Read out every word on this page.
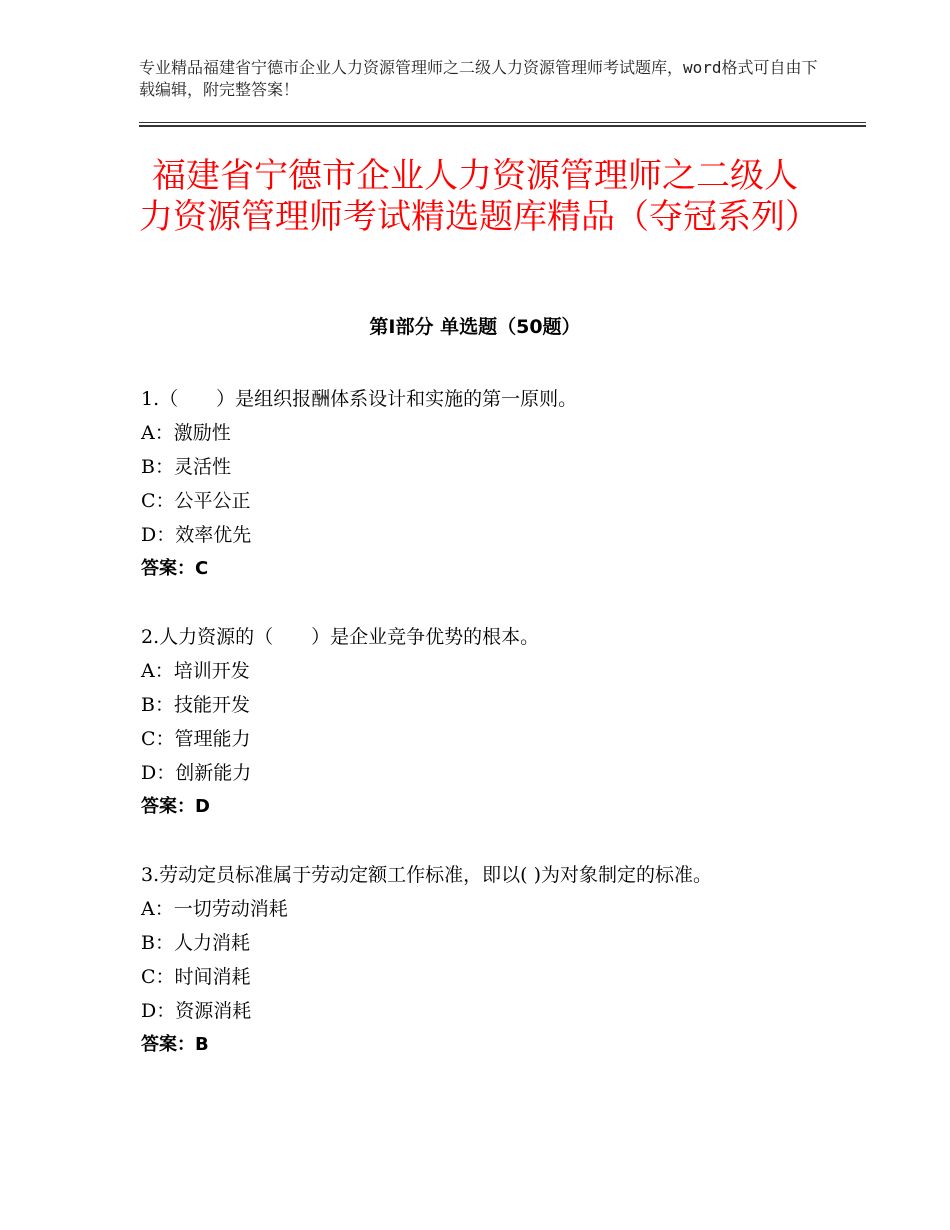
专业精品福建省宁德市企业人力资源管理师之二级人力资源管理师考试题库，word格式可自由下载编辑，附完整答案！
福建省宁德市企业人力资源管理师之二级人力资源管理师考试精选题库精品（夺冠系列）
第Ⅰ部分 单选题（50题）
1.（　　）是组织报酬体系设计和实施的第一原则。
A：激励性
B：灵活性
C：公平公正
D：效率优先
答案：C
2.人力资源的（　　）是企业竞争优势的根本。
A：培训开发
B：技能开发
C：管理能力
D：创新能力
答案：D
3.劳动定员标准属于劳动定额工作标准，即以( )为对象制定的标准。
A：一切劳动消耗
B：人力消耗
C：时间消耗
D：资源消耗
答案：B
